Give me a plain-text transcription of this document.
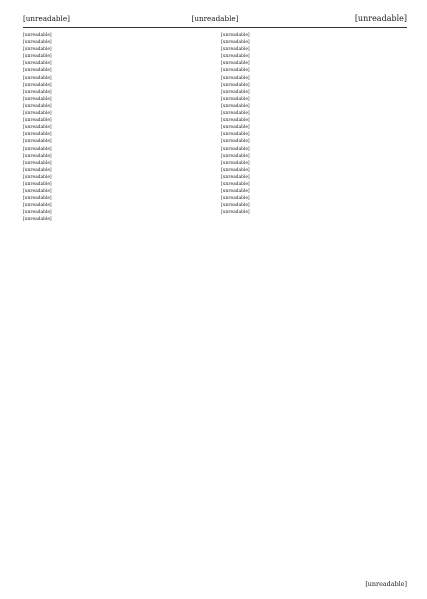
[unreadable]	[unreadable]	[unreadable]

[unreadable]

[unreadable]

[unreadable]

[unreadable]

[unreadable]

[unreadable]

[unreadable]

[unreadable]

[unreadable]

[unreadable]

[unreadable]

[unreadable]

[unreadable]

[unreadable]

[unreadable]

[unreadable]

[unreadable]

[unreadable]

[unreadable]

[unreadable]

[unreadable]

[unreadable]

[unreadable]

[unreadable]

[unreadable]

[unreadable]

[unreadable]

[unreadable]

[unreadable]

[unreadable]

[unreadable]

[unreadable]

[unreadable]

[unreadable]

[unreadable]

[unreadable]

[unreadable]

[unreadable]

[unreadable]

[unreadable]

[unreadable]

[unreadable]

[unreadable]

[unreadable]

[unreadable]

[unreadable]

[unreadable]

[unreadable]

[unreadable]

[unreadable]

[unreadable]

[unreadable]

[unreadable]

[unreadable]
